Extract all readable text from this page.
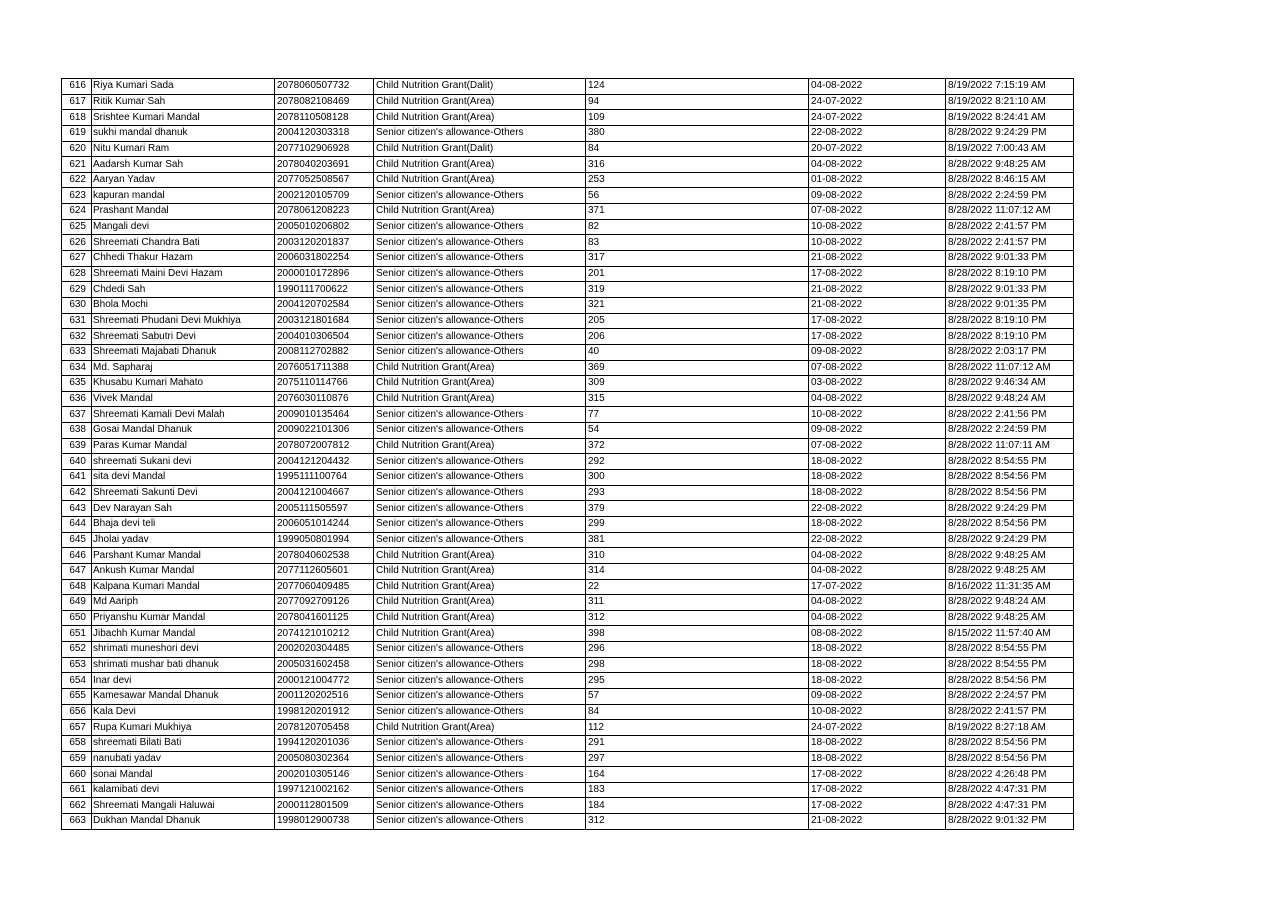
616	Riya Kumari Sada	2078060507732	Child Nutrition Grant(Dalit)	124	04-08-2022	8/19/2022 7:15:19 AM
617	Ritik Kumar Sah	2078082108469	Child Nutrition Grant(Area)	94	24-07-2022	8/19/2022 8:21:10 AM
618	Srishtee Kumari Mandal	2078110508128	Child Nutrition Grant(Area)	109	24-07-2022	8/19/2022 8:24:41 AM
619	sukhi mandal dhanuk	2004120303318	Senior citizen's allowance-Others	380	22-08-2022	8/28/2022 9:24:29 PM
620	Nitu Kumari Ram	2077102906928	Child Nutrition Grant(Dalit)	84	20-07-2022	8/19/2022 7:00:43 AM
621	Aadarsh Kumar Sah	2078040203691	Child Nutrition Grant(Area)	316	04-08-2022	8/28/2022 9:48:25 AM
622	Aaryan Yadav	2077052508567	Child Nutrition Grant(Area)	253	01-08-2022	8/28/2022 8:46:15 AM
623	kapuran mandal	2002120105709	Senior citizen's allowance-Others	56	09-08-2022	8/28/2022 2:24:59 PM
624	Prashant Mandal	2078061208223	Child Nutrition Grant(Area)	371	07-08-2022	8/28/2022 11:07:12 AM
625	Mangali devi	2005010206802	Senior citizen's allowance-Others	82	10-08-2022	8/28/2022 2:41:57 PM
626	Shreemati Chandra Bati	2003120201837	Senior citizen's allowance-Others	83	10-08-2022	8/28/2022 2:41:57 PM
627	Chhedi Thakur Hazam	2006031802254	Senior citizen's allowance-Others	317	21-08-2022	8/28/2022 9:01:33 PM
628	Shreemati Maini Devi Hazam	2000010172896	Senior citizen's allowance-Others	201	17-08-2022	8/28/2022 8:19:10 PM
629	Chdedi Sah	1990111700622	Senior citizen's allowance-Others	319	21-08-2022	8/28/2022 9:01:33 PM
630	Bhola Mochi	2004120702584	Senior citizen's allowance-Others	321	21-08-2022	8/28/2022 9:01:35 PM
631	Shreemati Phudani Devi Mukhiya	2003121801684	Senior citizen's allowance-Others	205	17-08-2022	8/28/2022 8:19:10 PM
632	Shreemati Sabutri Devi	2004010306504	Senior citizen's allowance-Others	206	17-08-2022	8/28/2022 8:19:10 PM
633	Shreemati Majabati Dhanuk	2008112702882	Senior citizen's allowance-Others	40	09-08-2022	8/28/2022 2:03:17 PM
634	Md. Sapharaj	2076051711388	Child Nutrition Grant(Area)	369	07-08-2022	8/28/2022 11:07:12 AM
635	Khusabu Kumari Mahato	2075110114766	Child Nutrition Grant(Area)	309	03-08-2022	8/28/2022 9:46:34 AM
636	Vivek Mandal	2076030110876	Child Nutrition Grant(Area)	315	04-08-2022	8/28/2022 9:48:24 AM
637	Shreemati Kamali Devi Malah	2009010135464	Senior citizen's allowance-Others	77	10-08-2022	8/28/2022 2:41:56 PM
638	Gosai Mandal Dhanuk	2009022101306	Senior citizen's allowance-Others	54	09-08-2022	8/28/2022 2:24:59 PM
639	Paras Kumar Mandal	2078072007812	Child Nutrition Grant(Area)	372	07-08-2022	8/28/2022 11:07:11 AM
640	shreemati Sukani devi	2004121204432	Senior citizen's allowance-Others	292	18-08-2022	8/28/2022 8:54:55 PM
641	sita devi Mandal	1995111100764	Senior citizen's allowance-Others	300	18-08-2022	8/28/2022 8:54:56 PM
642	Shreemati Sakunti Devi	2004121004667	Senior citizen's allowance-Others	293	18-08-2022	8/28/2022 8:54:56 PM
643	Dev Narayan Sah	2005111505597	Senior citizen's allowance-Others	379	22-08-2022	8/28/2022 9:24:29 PM
644	Bhaja devi teli	2006051014244	Senior citizen's allowance-Others	299	18-08-2022	8/28/2022 8:54:56 PM
645	Jholai yadav	1999050801994	Senior citizen's allowance-Others	381	22-08-2022	8/28/2022 9:24:29 PM
646	Parshant Kumar Mandal	2078040602538	Child Nutrition Grant(Area)	310	04-08-2022	8/28/2022 9:48:25 AM
647	Ankush Kumar Mandal	2077112605601	Child Nutrition Grant(Area)	314	04-08-2022	8/28/2022 9:48:25 AM
648	Kalpana Kumari Mandal	2077060409485	Child Nutrition Grant(Area)	22	17-07-2022	8/16/2022 11:31:35 AM
649	Md Aariph	2077092709126	Child Nutrition Grant(Area)	311	04-08-2022	8/28/2022 9:48:24 AM
650	Priyanshu Kumar Mandal	2078041601125	Child Nutrition Grant(Area)	312	04-08-2022	8/28/2022 9:48:25 AM
651	Jibachh Kumar Mandal	2074121010212	Child Nutrition Grant(Area)	398	08-08-2022	8/15/2022 11:57:40 AM
652	shrimati muneshori devi	2002020304485	Senior citizen's allowance-Others	296	18-08-2022	8/28/2022 8:54:55 PM
653	shrimati mushar bati dhanuk	2005031602458	Senior citizen's allowance-Others	298	18-08-2022	8/28/2022 8:54:55 PM
654	Inar devi	2000121004772	Senior citizen's allowance-Others	295	18-08-2022	8/28/2022 8:54:56 PM
655	Kamesawar Mandal Dhanuk	2001120202516	Senior citizen's allowance-Others	57	09-08-2022	8/28/2022 2:24:57 PM
656	Kala Devi	1998120201912	Senior citizen's allowance-Others	84	10-08-2022	8/28/2022 2:41:57 PM
657	Rupa Kumari Mukhiya	2078120705458	Child Nutrition Grant(Area)	112	24-07-2022	8/19/2022 8:27:18 AM
658	shreemati Bilati Bati	1994120201036	Senior citizen's allowance-Others	291	18-08-2022	8/28/2022 8:54:56 PM
659	nanubati yadav	2005080302364	Senior citizen's allowance-Others	297	18-08-2022	8/28/2022 8:54:56 PM
660	sonai Mandal	2002010305146	Senior citizen's allowance-Others	164	17-08-2022	8/28/2022 4:26:48 PM
661	kalamibati devi	1997121002162	Senior citizen's allowance-Others	183	17-08-2022	8/28/2022 4:47:31 PM
662	Shreemati Mangali Haluwai	2000112801509	Senior citizen's allowance-Others	184	17-08-2022	8/28/2022 4:47:31 PM
663	Dukhan Mandal Dhanuk	1998012900738	Senior citizen's allowance-Others	312	21-08-2022	8/28/2022 9:01:32 PM
